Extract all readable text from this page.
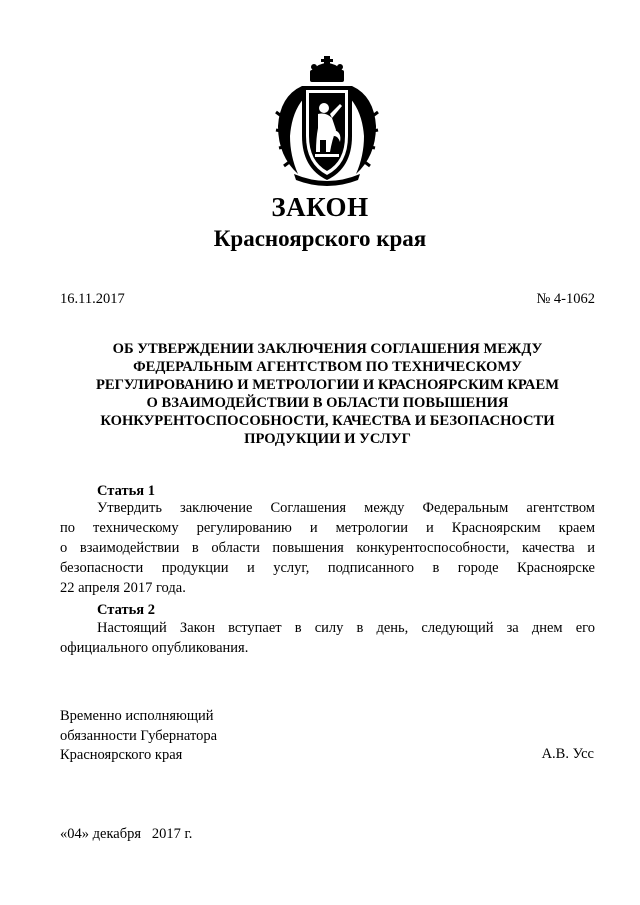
ЗАКОН
Красноярского края
16.11.2017	№ 4-1062
ОБ УТВЕРЖДЕНИИ ЗАКЛЮЧЕНИЯ СОГЛАШЕНИЯ МЕЖДУ
ФЕДЕРАЛЬНЫМ АГЕНТСТВОМ ПО ТЕХНИЧЕСКОМУ
РЕГУЛИРОВАНИЮ И МЕТРОЛОГИИ И КРАСНОЯРСКИМ КРАЕМ
О ВЗАИМОДЕЙСТВИИ В ОБЛАСТИ ПОВЫШЕНИЯ
КОНКУРЕНТОСПОСОБНОСТИ, КАЧЕСТВА И БЕЗОПАСНОСТИ
ПРОДУКЦИИ И УСЛУГ
Статья 1
Утвердить заключение Соглашения между Федеральным агентством
по техническому регулированию и метрологии и Красноярским краем
о взаимодействии в области повышения конкурентоспособности, качества и
безопасности продукции и услуг, подписанного в городе Красноярске
22 апреля 2017 года.
Статья 2
Настоящий Закон вступает в силу в день, следующий за днем его
официального опубликования.
Временно исполняющий
обязанности Губернатора
Красноярского края	А.В. Усс
«04» декабря   2017 г.
